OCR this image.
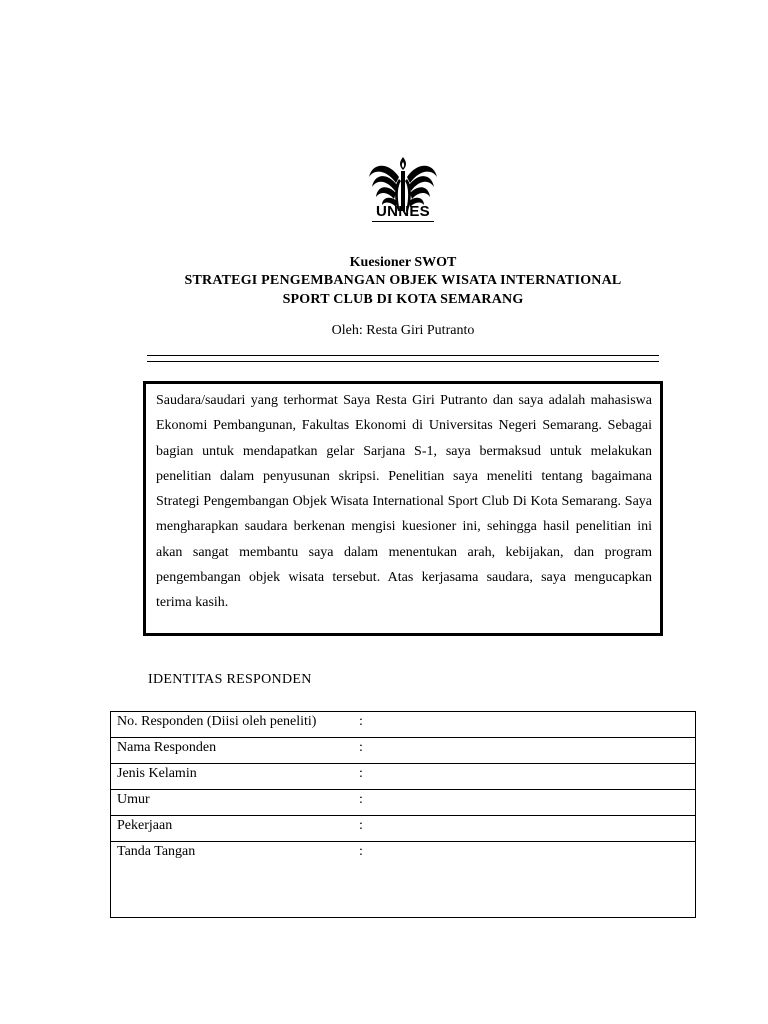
UNNES
Kuesioner SWOT
STRATEGI PENGEMBANGAN OBJEK WISATA INTERNATIONAL
SPORT CLUB DI KOTA SEMARANG
Oleh: Resta Giri Putranto

Saudara/saudari yang terhormat Saya Resta Giri Putranto dan saya adalah mahasiswa Ekonomi Pembangunan, Fakultas Ekonomi di Universitas Negeri Semarang. Sebagai bagian untuk mendapatkan gelar Sarjana S-1, saya bermaksud untuk melakukan penelitian dalam penyusunan skripsi. Penelitian saya meneliti tentang bagaimana Strategi Pengembangan Objek Wisata International Sport Club Di Kota Semarang. Saya mengharapkan saudara berkenan mengisi kuesioner ini, sehingga hasil penelitian ini akan sangat membantu saya dalam menentukan arah, kebijakan, dan program pengembangan objek wisata tersebut. Atas kerjasama saudara, saya mengucapkan terima kasih.

IDENTITAS RESPONDEN
No. Responden (Diisi oleh peneliti)	:
Nama Responden	:
Jenis Kelamin	:
Umur	:
Pekerjaan	:
Tanda Tangan	:
